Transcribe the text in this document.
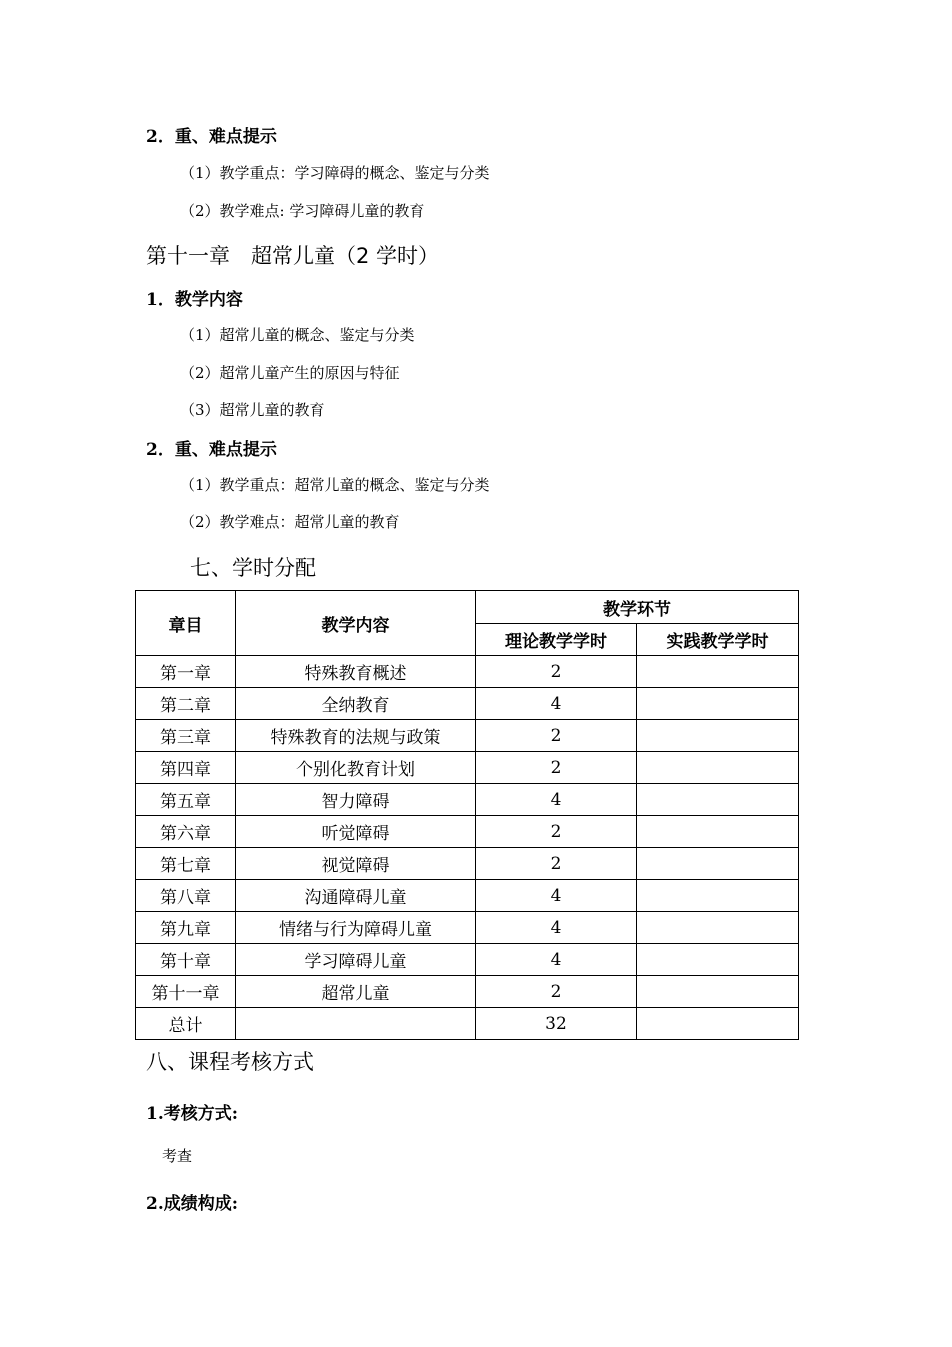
2．重、难点提示
（1）教学重点：学习障碍的概念、鉴定与分类
（2）教学难点: 学习障碍儿童的教育
第十一章　超常儿童（2 学时）
1．教学内容
（1）超常儿童的概念、鉴定与分类
（2）超常儿童产生的原因与特征
（3）超常儿童的教育
2．重、难点提示
（1）教学重点：超常儿童的概念、鉴定与分类
（2）教学难点：超常儿童的教育
七、学时分配
章目	教学内容	教学环节	
		理论教学学时	实践教学学时
第一章	特殊教育概述	2	
第二章	全纳教育	4	
第三章	特殊教育的法规与政策	2	
第四章	个别化教育计划	2	
第五章	智力障碍	4	
第六章	听觉障碍	2	
第七章	视觉障碍	2	
第八章	沟通障碍儿童	4	
第九章	情绪与行为障碍儿童	4	
第十章	学习障碍儿童	4	
第十一章	超常儿童	2	
总计		32	
八、课程考核方式
1.考核方式:
考查
2.成绩构成:
